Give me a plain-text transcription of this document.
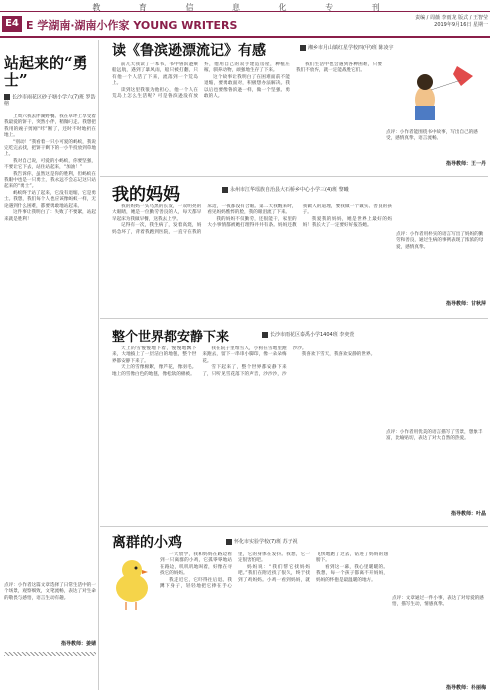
教 育 信 息 化 专 刊
E4 E 学湖南·湖南小作家 YOUNG WRITERS
责编 / 周薇 李雨龙 版式 / 王智莹
2019年9月16日 星期一
站起来的“勇士”
长沙市雨花区砂子塘小学六(7)班 罗浩榕

上周六我去伴湖野餐。我在草坪上享受着我最爱的饼干，突然小伴，稍微叼走。我想把我用的豌子剪刚“咔”断了，还时不时地扔在地上。

“别动！”我看着一只小可爱的蚂蚁，我说完吃完去找，把饼干剩下的一小半投放到草地上。

我对自己说，可爱的小蚂蚁，你要坚强，不要让它下去，站住站起来，“加油！”

我告诉你，虽然这是你的胜利，但蚂蚁在我眼中也是一只勇士，我永远不会忘记这只站起来的“勇士”。

蚂蚁终于站了起来，它没有退缩，它是勇士。我想，我们每个人也应该像蚂蚁一样，无论遇到什么困难，都要勇敢地站起来。

这件事让我明白了：失败了不要紧，站起来就是胜利！

点评：小作者这篇文章选择了日常生活中的一个场景，观察细致，文笔流畅，表达了对生命的敬畏与感悟，语言生动有趣。
指导教师：姜婧
读《鲁滨逊漂流记》有感	湘乡市月山镇红星学校四(甲)班 陈凌宇

前几天我读了一本书，书中鲁滨逊乘船远航，遇到了暴风雨，船只被打翻，只有他一个人活了下来，流落到一个荒岛上。

读到这里我很为他担心，他一个人在荒岛上怎么生活呢？可是鲁滨逊没有放弃，他用自己的双手建造房屋，种植庄稼，驯养动物，顽强地生存了下来。

这个故事让我明白了在困难面前不能退缩，要勇敢面对，积极想办法解决。我以后也要像鲁滨逊一样，做一个坚强、勇敢的人。

我们生活中也会遇到各种困难，只要我们不放弃，就一定能战胜它们。

点评：小作者能围绕书中故事，写出自己的感受，感情真挚，语言流畅。
指导教师：王一丹
我的妈妈	永州市江华瑶族自治县大石桥乡中心小学三(4)班 黎曦

我的妈妈一头乌黑的长发，一双明亮的大眼睛，她是一位勤劳善良的人，每天都早早起床为我做早餐，送我去上学。

记得有一次，我生病了，发着高烧，妈妈急坏了，背着我跑到医院，一直守在我的床边，一夜都没有合眼。第二天我醒来时，看见妈妈憔悴的脸，我的眼泪流了下来。

我的妈妈不仅勤劳，还很能干，家里的大小事情都被她打理得井井有条。妈妈还教我做人的道理，要我做一个诚实、善良的孩子。

我爱我的妈妈，她是世界上最好的妈妈！我长大了一定要好好报答她。

点评：小作者用朴实的语言写出了妈妈的勤劳和善良，通过生病的事例表现了浓浓的母爱，感情真挚。
指导教师：甘秋萍
整个世界都安静下来	长沙市雨花区泰禹小学1404班 李奕萱

天上的雪慢慢地下着，慢慢地飘下来，大地披上了一层洁白的地毯，整个世界都安静下来了。

天上的雪像棉絮，像芦花，像羽毛。地上的雪像白色的地毯，像松软的棉被。

我在院子里堆雪人，小狗在雪地里跑来跑去，留下一串串小脚印，像一朵朵梅花。

雪下起来了，整个世界都安静下来了，只听见雪花落下的声音，沙沙沙，沙沙沙。

我喜欢下雪天，我喜欢安静的世界。

点评：小作者用优美的语言描写了雪景，想象丰富，比喻贴切，表达了对大自然的热爱。
指导教师：叶晶
离群的小鸡	怀化市实验学校(7)班 苏子祝

一天放学，我和妈妈在路边看到一只离群的小鸡，它孤零零地站在路边，叽叽叽地叫着，好像在寻找它的妈妈。

我走近它，它吓得往后退。我蹲下身子，轻轻地把它捧在手心里，它的身体在发抖。我想，它一定很害怕吧。

妈妈说：“我们帮它找妈妈吧。”我们在附近找了很久，终于找到了鸡妈妈。小鸡一看到妈妈，就飞快地跑了过去，钻进了妈妈的翅膀下。

看到这一幕，我心里暖暖的。我想，每一个孩子都离不开妈妈，妈妈的怀抱是最温暖的地方。

点评：文章通过一件小事，表达了对母爱的感悟，描写生动，情感真挚。
指导教师：朴丽梅
